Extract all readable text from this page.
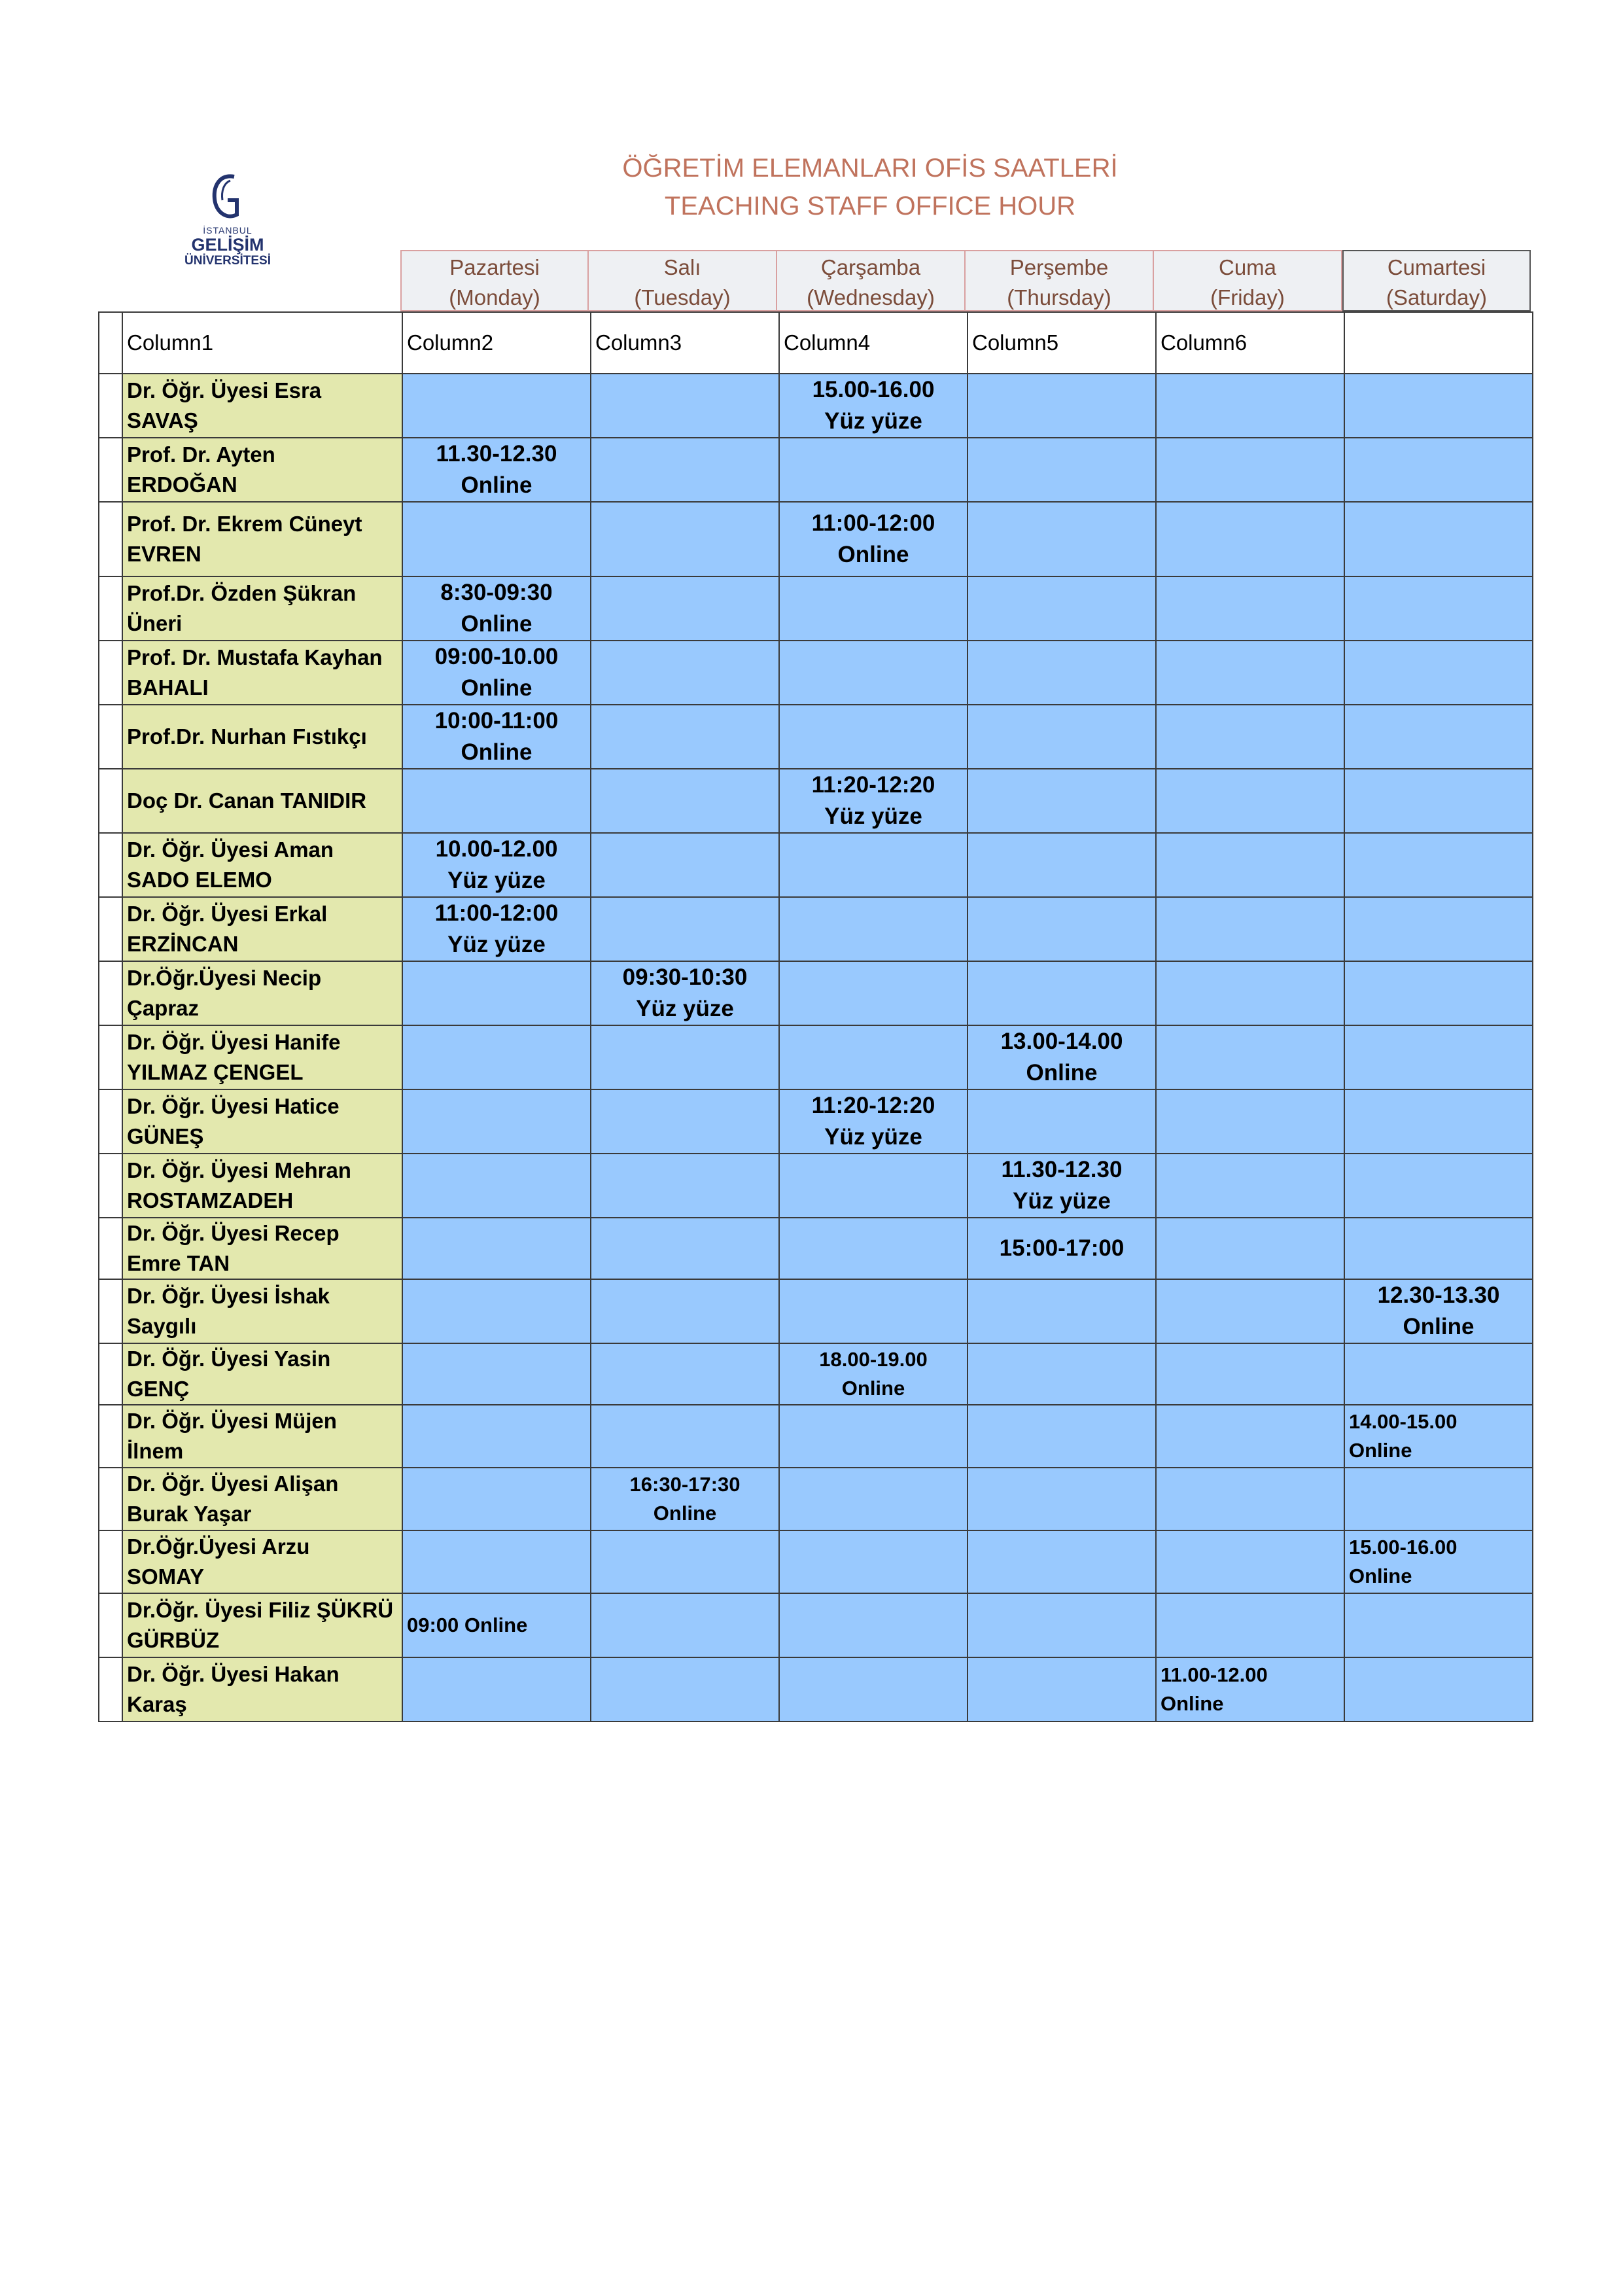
İSTANBUL
GELİŞİM
ÜNİVERSİTESİ
ÖĞRETİM ELEMANLARI OFİS SAATLERİ
TEACHING STAFF OFFICE HOUR
Pazartesi
(Monday)
Salı
(Tuesday)
Çarşamba
(Wednesday)
Perşembe
(Thursday)
Cuma
(Friday)
Cumartesi
(Saturday)
	Column1	Column2	Column3	Column4	Column5	Column6	

	Dr. Öğr. Üyesi Esra
SAVAŞ			15.00-16.00
Yüz yüze			

	Prof. Dr. Ayten
ERDOĞAN	11.30-12.30
Online					

	Prof. Dr. Ekrem Cüneyt
EVREN			11:00-12:00
Online			

	Prof.Dr. Özden Şükran
Üneri	8:30-09:30
Online					

	Prof. Dr. Mustafa Kayhan
BAHALI	09:00-10.00
Online					

	Prof.Dr. Nurhan Fıstıkçı	10:00-11:00
Online					

	Doç Dr. Canan TANIDIR			11:20-12:20
Yüz yüze			

	Dr. Öğr. Üyesi Aman
SADO ELEMO	10.00-12.00
Yüz yüze					

	Dr. Öğr. Üyesi Erkal
ERZİNCAN	11:00-12:00
Yüz yüze					

	Dr.Öğr.Üyesi Necip
Çapraz		09:30-10:30
Yüz yüze				

	Dr. Öğr. Üyesi Hanife
YILMAZ ÇENGEL				13.00-14.00
Online		

	Dr. Öğr. Üyesi Hatice
GÜNEŞ			11:20-12:20
Yüz yüze			

	Dr. Öğr. Üyesi Mehran
ROSTAMZADEH				11.30-12.30
Yüz yüze		

	Dr. Öğr. Üyesi Recep
Emre TAN				15:00-17:00		

	Dr. Öğr. Üyesi İshak
Saygılı						12.30-13.30
Online

	Dr. Öğr. Üyesi Yasin
GENÇ			18.00-19.00
Online			

	Dr. Öğr. Üyesi Müjen
İlnem						14.00-15.00
Online

	Dr. Öğr. Üyesi Alişan
Burak Yaşar		16:30-17:30
Online				

	Dr.Öğr.Üyesi Arzu
SOMAY						15.00-16.00
Online

	Dr.Öğr. Üyesi Filiz ŞÜKRÜ
GÜRBÜZ	09:00 Online					

	Dr. Öğr. Üyesi Hakan
Karaş					11.00-12.00
Online	
